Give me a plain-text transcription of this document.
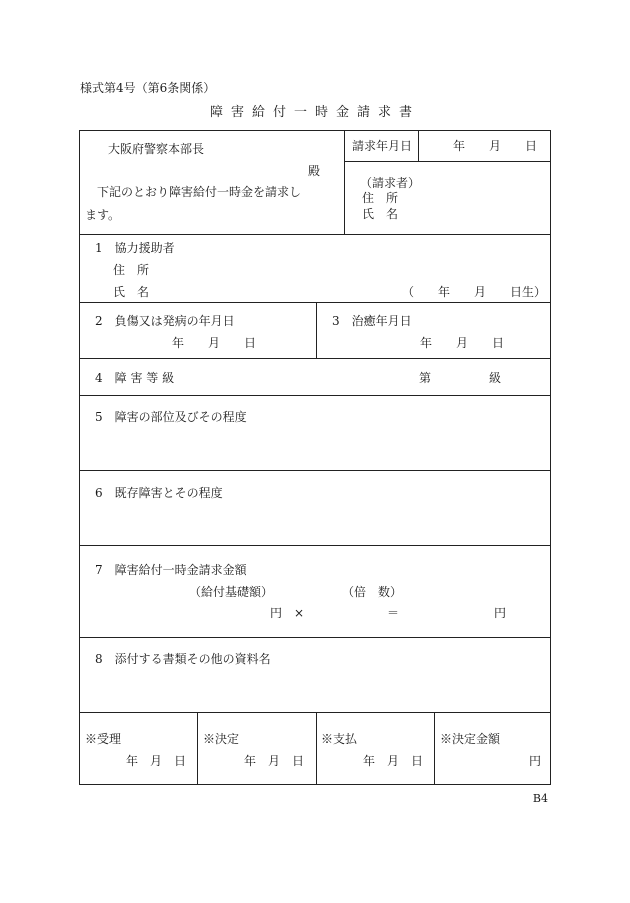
様式第4号（第6条関係）
障害給付一時金請求書
大阪府警察本部長
殿
下記のとおり障害給付一時金を請求し
ます。
請求年月日	年　　月　　日
（請求者）
住　所
氏　名
1　協力援助者
住　所
氏　名	（　　年　　月　　日生）
2　負傷又は発病の年月日
年　　月　　日
3　治癒年月日
年　　月　　日
4　障 害 等 級	第	級
5　障害の部位及びその程度
6　既存障害とその程度
7　障害給付一時金請求金額
（給付基礎額）	（倍　数）
円 ×	＝	円
8　添付する書類その他の資料名
※受理
年　月　日
※決定
年　月　日
※支払
年　月　日
※決定金額
円
B4
